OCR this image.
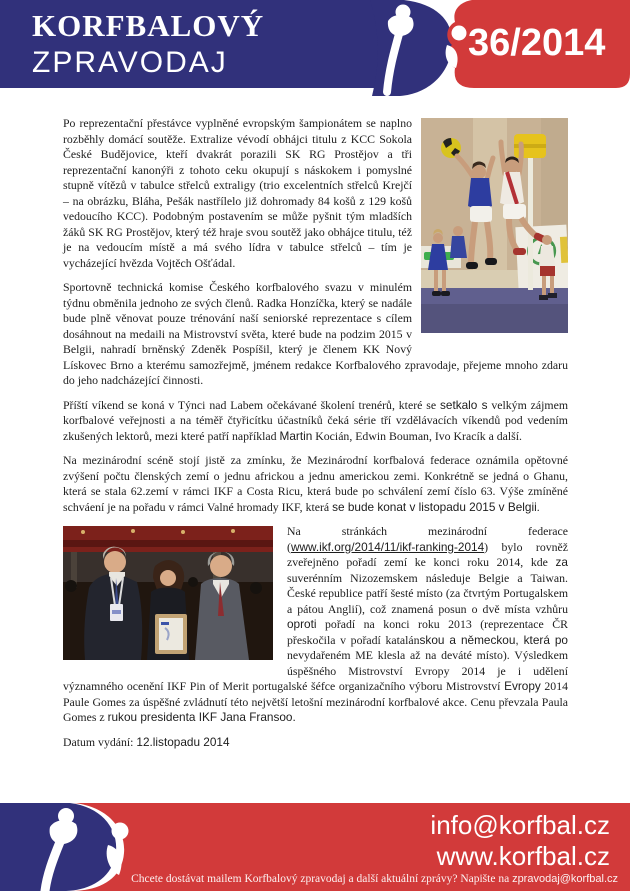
KORFBALOVÝ
ZPRAVODAJ	36/2014

Po reprezentační přestávce vyplněné evropským šampionátem se naplno rozběhly domácí soutěže. Extralize vévodí obhájci titulu z KCC Sokola České Budějovice, kteří dvakrát porazili SK RG Prostějov a tři reprezentační kanonýři z tohoto ceku okupují s náskokem i pomyslné stupně vítězů v tabulce střelců extraligy (trio excelentních střelců Krejčí – na obrázku, Bláha, Pešák nastřílelo již dohromady 84 košů z 129 košů vedoucího KCC). Podobným postavením se může pyšnit tým mladších žáků SK RG Prostějov, který též hraje svou soutěž jako obhájce titulu, též je na vedoucím místě a má svého lídra v tabulce střelců – tím je vycházející hvězda Vojtěch Ošťádal.

Sportovně technická komise Českého korfbalového svazu v minulém týdnu obměnila jednoho ze svých členů. Radka Honzíčka, který se nadále bude plně věnovat pouze trénování naší seniorské reprezentace s cílem dosáhnout na medaili na Mistrovství světa, které bude na podzim 2015 v Belgii, nahradí brněnský Zdeněk Pospíšil, který je členem KK Nový Lískovec Brno a kterému samozřejmě, jménem redakce Korfbalového zpravodaje, přejeme mnoho zdaru do jeho nadcházející činnosti.

Příští víkend se koná v Týnci nad Labem očekávané školení trenérů, které se setkalo s velkým zájmem korfbalové veřejnosti a na téměř čtyřicítku účastníků čeká série tří vzdělávacích víkendů pod vedením zkušených lektorů, mezi které patří například Martin Kocián, Edwin Bouman, Ivo Kracík a další.

Na mezinárodní scéně stojí jistě za zmínku, že Mezinárodní korfbalová federace oznámila opětovné zvýšení počtu členských zemí o jednu africkou a jednu americkou zemi. Konkrétně se jedná o Ghanu, která se stala 62.zemí v rámci IKF a Costa Ricu, která bude po schválení zemí číslo 63. Výše zmíněné schváení je na pořadu v rámci Valné hromady IKF, která se bude konat v listopadu 2015 v Belgii.

Na stránkách mezinárodní federace (www.ikf.org/2014/11/ikf-ranking-2014) bylo rovněž zveřejněno pořadí zemí ke konci roku 2014, kde za suverénním Nizozemskem následuje Belgie a Taiwan. České republice patří šesté místo (za čtvrtým Portugalskem a pátou Anglií), což znamená posun o dvě místa vzhůru oproti pořadí na konci roku 2013 (reprezentace ČR přeskočila v pořadí katalánskou a německou, která po nevydařeném ME klesla až na deváté místo). Výsledkem úspěšného Mistrovství Evropy 2014 je i udělení významného ocenění IKF Pin of Merit portugalské šéfce organizačního výboru Mistrovství Evropy 2014 Paule Gomes za úspěšné zvládnutí této největší letošní mezinárodní korfbalové akce. Cenu převzala Paula Gomes z rukou presidenta IKF Jana Fransoo.

Datum vydání: 12.listopadu 2014

info@korfbal.cz
www.korfbal.cz
Chcete dostávat mailem Korfbalový zpravodaj a další aktuální zprávy? Napište na zpravodaj@korfbal.cz
